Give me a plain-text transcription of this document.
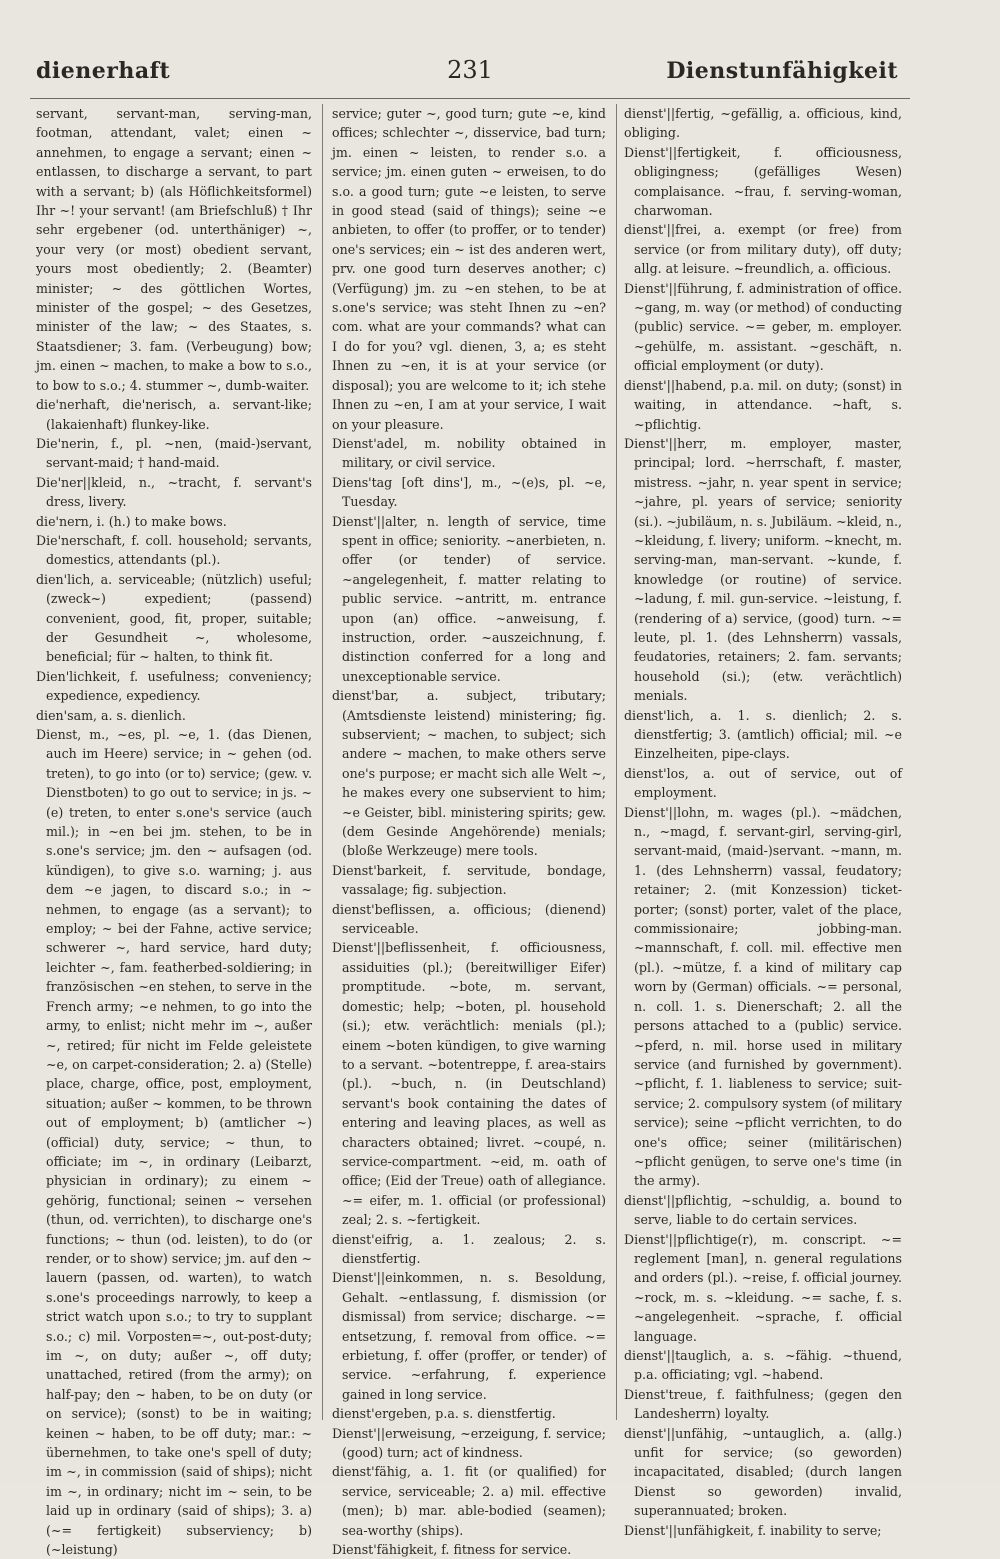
dienerhaft	231	Dienstunfähigkeit

servant, servant-man, serving-man, footman, attendant, valet; einen ~ annehmen, to engage a servant; einen ~ entlassen, to discharge a servant, to part with a servant; b) (als Höflichkeitsformel) Ihr ~! your servant! (am Briefschluß) † Ihr sehr ergebener (od. unterthäniger) ~, your very (or most) obedient servant, yours most obediently; 2. (Beamter) minister; ~ des göttlichen Wortes, minister of the gospel; ~ des Gesetzes, minister of the law; ~ des Staates, s. Staatsdiener; 3. fam. (Verbeugung) bow; jm. einen ~ machen, to make a bow to s.o., to bow to s.o.; 4. stummer ~, dumb-waiter.

die'nerhaft, die'nerisch, a. servant-like; (lakaienhaft) flunkey-like.

Die'nerin, f., pl. ~nen, (maid-)servant, servant-maid; † hand-maid.

Die'ner||kleid, n., ~tracht, f. servant's dress, livery.

die'nern, i. (h.) to make bows.

Die'nerschaft, f. coll. household; servants, domestics, attendants (pl.).

dien'lich, a. serviceable; (nützlich) useful; (zweck~) expedient; (passend) convenient, good, fit, proper, suitable; der Gesundheit ~, wholesome, beneficial; für ~ halten, to think fit.

Dien'lichkeit, f. usefulness; conveniency; expedience, expediency.

dien'sam, a. s. dienlich.

Dienst, m., ~es, pl. ~e, 1. (das Dienen, auch im Heere) service; in ~ gehen (od. treten), to go into (or to) service; (gew. v. Dienstboten) to go out to service; in js. ~(e) treten, to enter s.one's service (auch mil.); in ~en bei jm. stehen, to be in s.one's service; jm. den ~ aufsagen (od. kündigen), to give s.o. warning; j. aus dem ~e jagen, to discard s.o.; in ~ nehmen, to engage (as a servant); to employ; ~ bei der Fahne, active service; schwerer ~, hard service, hard duty; leichter ~, fam. featherbed-soldiering; in französischen ~en stehen, to serve in the French army; ~e nehmen, to go into the army, to enlist; nicht mehr im ~, außer ~, retired; für nicht im Felde geleistete ~e, on carpet-consideration; 2. a) (Stelle) place, charge, office, post, employment, situation; außer ~ kommen, to be thrown out of employment; b) (amtlicher ~) (official) duty, service; ~ thun, to officiate; im ~, in ordinary (Leibarzt, physician in ordinary); zu einem ~ gehörig, functional; seinen ~ versehen (thun, od. verrichten), to discharge one's functions; ~ thun (od. leisten), to do (or render, or to show) service; jm. auf den ~ lauern (passen, od. warten), to watch s.one's proceedings narrowly, to keep a strict watch upon s.o.; to try to supplant s.o.; c) mil. Vorposten=~, out-post-duty; im ~, on duty; außer ~, off duty; unattached, retired (from the army); on half-pay; den ~ haben, to be on duty (or on service); (sonst) to be in waiting; keinen ~ haben, to be off duty; mar.: ~ übernehmen, to take one's spell of duty; im ~, in commission (said of ships); nicht im ~, in ordinary; nicht im ~ sein, to be laid up in ordinary (said of ships); 3. a) (~= fertigkeit) subserviency; b) (~leistung)

service; guter ~, good turn; gute ~e, kind offices; schlechter ~, disservice, bad turn; jm. einen ~ leisten, to render s.o. a service; jm. einen guten ~ erweisen, to do s.o. a good turn; gute ~e leisten, to serve in good stead (said of things); seine ~e anbieten, to offer (to proffer, or to tender) one's services; ein ~ ist des anderen wert, prv. one good turn deserves another; c) (Verfügung) jm. zu ~en stehen, to be at s.one's service; was steht Ihnen zu ~en? com. what are your commands? what can I do for you? vgl. dienen, 3, a; es steht Ihnen zu ~en, it is at your service (or disposal); you are welcome to it; ich stehe Ihnen zu ~en, I am at your service, I wait on your pleasure.

Dienst'adel, m. nobility obtained in military, or civil service.

Diens'tag [oft dins'], m., ~(e)s, pl. ~e, Tuesday.

Dienst'||alter, n. length of service, time spent in office; seniority. ~anerbieten, n. offer (or tender) of service. ~angelegenheit, f. matter relating to public service. ~antritt, m. entrance upon (an) office. ~anweisung, f. instruction, order. ~auszeichnung, f. distinction conferred for a long and unexceptionable service.

dienst'bar, a. subject, tributary; (Amtsdienste leistend) ministering; fig. subservient; ~ machen, to subject; sich andere ~ machen, to make others serve one's purpose; er macht sich alle Welt ~, he makes every one subservient to him; ~e Geister, bibl. ministering spirits; gew. (dem Gesinde Angehörende) menials; (bloße Werkzeuge) mere tools.

Dienst'barkeit, f. servitude, bondage, vassalage; fig. subjection.

dienst'beflissen, a. officious; (dienend) serviceable.

Dienst'||beflissenheit, f. officiousness, assiduities (pl.); (bereitwilliger Eifer) promptitude. ~bote, m. servant, domestic; help; ~boten, pl. household (si.); etw. verächtlich: menials (pl.); einem ~boten kündigen, to give warning to a servant. ~botentreppe, f. area-stairs (pl.). ~buch, n. (in Deutschland) servant's book containing the dates of entering and leaving places, as well as characters obtained; livret. ~coupé, n. service-compartment. ~eid, m. oath of office; (Eid der Treue) oath of allegiance. ~= eifer, m. 1. official (or professional) zeal; 2. s. ~fertigkeit.

dienst'eifrig, a. 1. zealous; 2. s. dienstfertig.

Dienst'||einkommen, n. s. Besoldung, Gehalt. ~entlassung, f. dismission (or dismissal) from service; discharge. ~= entsetzung, f. removal from office. ~= erbietung, f. offer (proffer, or tender) of service. ~erfahrung, f. experience gained in long service.

dienst'ergeben, p.a. s. dienstfertig.

Dienst'||erweisung, ~erzeigung, f. service; (good) turn; act of kindness.

dienst'fähig, a. 1. fit (or qualified) for service, serviceable; 2. a) mil. effective (men); b) mar. able-bodied (seamen); sea-worthy (ships).

Dienst'fähigkeit, f. fitness for service.

dienst'||fertig, ~gefällig, a. officious, kind, obliging.

Dienst'||fertigkeit, f. officiousness, obligingness; (gefälliges Wesen) complaisance. ~frau, f. serving-woman, charwoman.

dienst'||frei, a. exempt (or free) from service (or from military duty), off duty; allg. at leisure. ~freundlich, a. officious.

Dienst'||führung, f. administration of office. ~gang, m. way (or method) of conducting (public) service. ~= geber, m. employer. ~gehülfe, m. assistant. ~geschäft, n. official employment (or duty).

dienst'||habend, p.a. mil. on duty; (sonst) in waiting, in attendance. ~haft, s. ~pflichtig.

Dienst'||herr, m. employer, master, principal; lord. ~herrschaft, f. master, mistress. ~jahr, n. year spent in service; ~jahre, pl. years of service; seniority (si.). ~jubiläum, n. s. Jubiläum. ~kleid, n., ~kleidung, f. livery; uniform. ~knecht, m. serving-man, man-servant. ~kunde, f. knowledge (or routine) of service. ~ladung, f. mil. gun-service. ~leistung, f. (rendering of a) service, (good) turn. ~= leute, pl. 1. (des Lehnsherrn) vassals, feudatories, retainers; 2. fam. servants; household (si.); (etw. verächtlich) menials.

dienst'lich, a. 1. s. dienlich; 2. s. dienstfertig; 3. (amtlich) official; mil. ~e Einzelheiten, pipe-clays.

dienst'los, a. out of service, out of employment.

Dienst'||lohn, m. wages (pl.). ~mädchen, n., ~magd, f. servant-girl, serving-girl, servant-maid, (maid-)servant. ~mann, m. 1. (des Lehnsherrn) vassal, feudatory; retainer; 2. (mit Konzession) ticket-porter; (sonst) porter, valet of the place, commissionaire; jobbing-man. ~mannschaft, f. coll. mil. effective men (pl.). ~mütze, f. a kind of military cap worn by (German) officials. ~= personal, n. coll. 1. s. Dienerschaft; 2. all the persons attached to a (public) service. ~pferd, n. mil. horse used in military service (and furnished by government). ~pflicht, f. 1. liableness to service; suit-service; 2. compulsory system (of military service); seine ~pflicht verrichten, to do one's office; seiner (militärischen) ~pflicht genügen, to serve one's time (in the army).

dienst'||pflichtig, ~schuldig, a. bound to serve, liable to do certain services.

Dienst'||pflichtige(r), m. conscript. ~= reglement [man], n. general regulations and orders (pl.). ~reise, f. official journey. ~rock, m. s. ~kleidung. ~= sache, f. s. ~angelegenheit. ~sprache, f. official language.

dienst'||tauglich, a. s. ~fähig. ~thuend, p.a. officiating; vgl. ~habend.

Dienst'treue, f. faithfulness; (gegen den Landesherrn) loyalty.

dienst'||unfähig, ~untauglich, a. (allg.) unfit for service; (so geworden) incapacitated, disabled; (durch langen Dienst so geworden) invalid, superannuated; broken.

Dienst'||unfähigkeit, f. inability to serve;
